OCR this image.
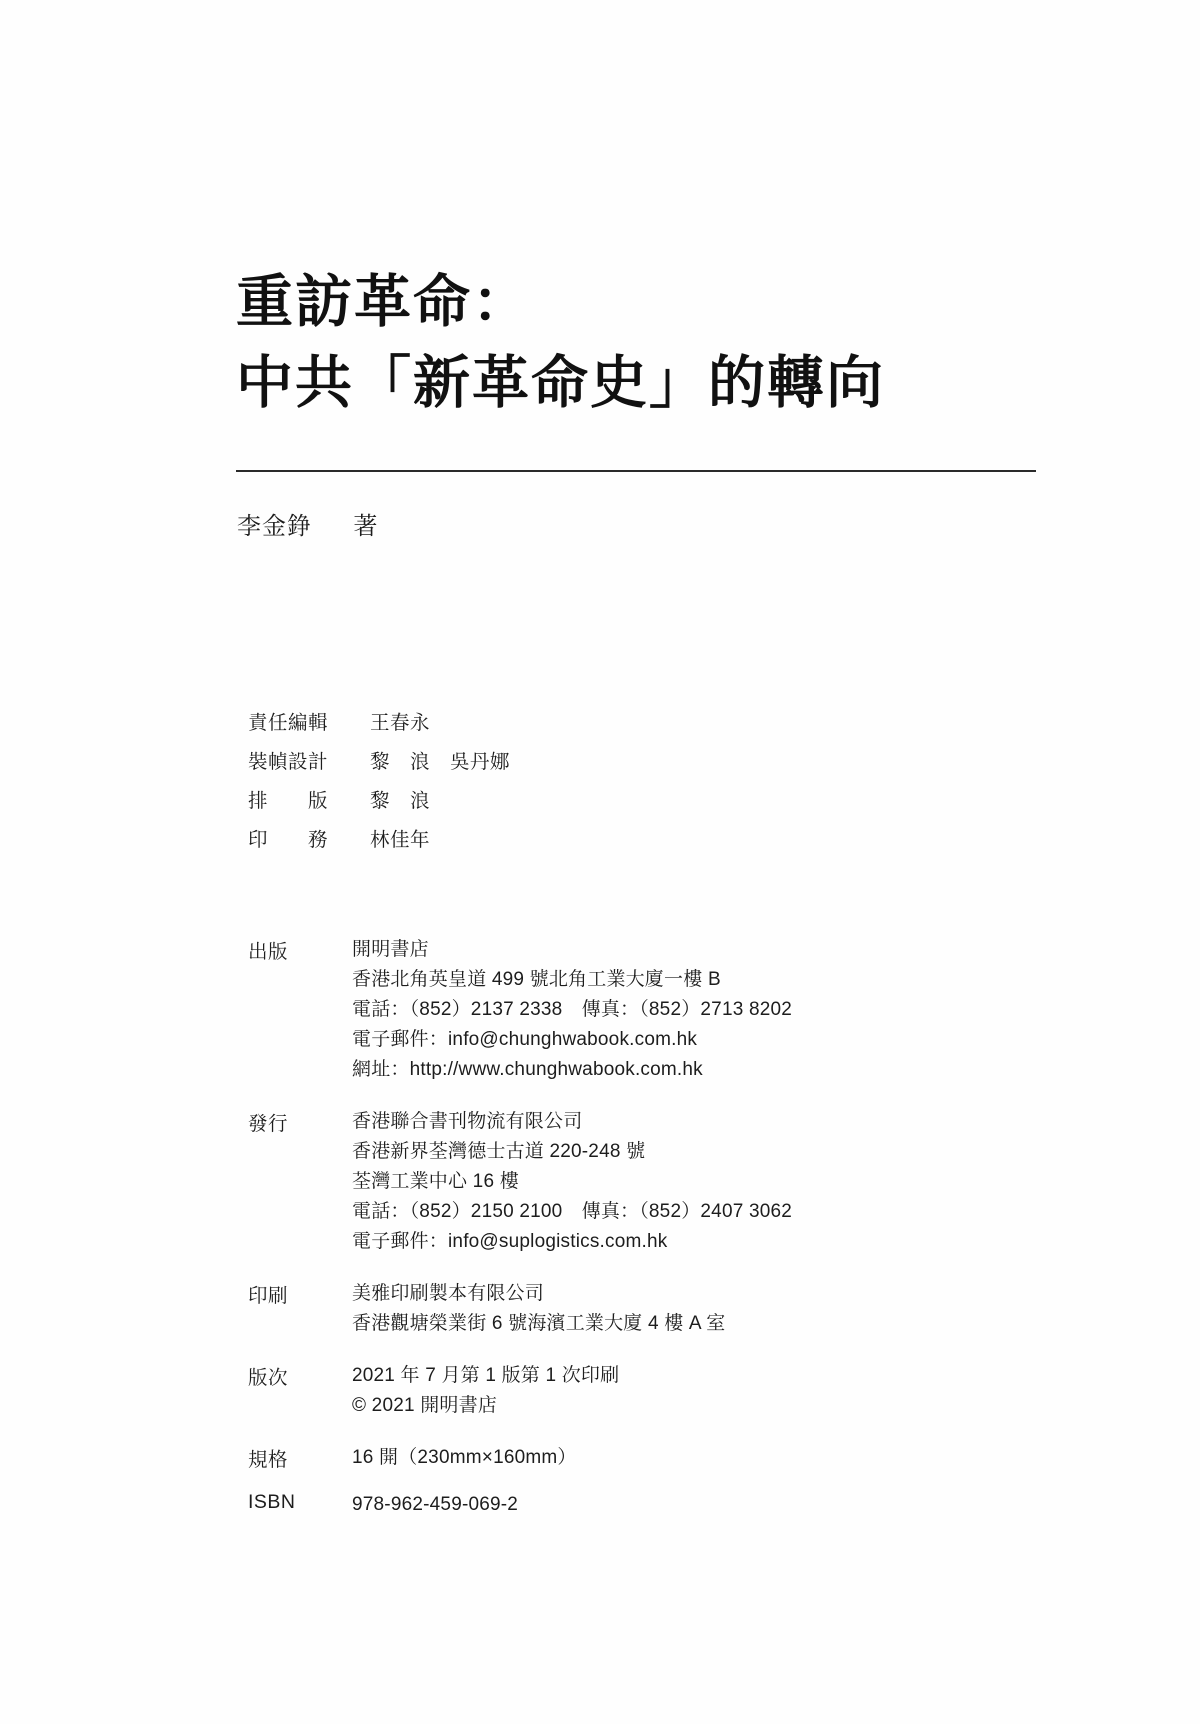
重訪革命：
中共「新革命史」的轉向
李金錚 著
責任編輯	王春永
裝幀設計	黎　浪　吳丹娜
排　　版	黎　浪
印　　務	林佳年
出版	開明書店
香港北角英皇道 499 號北角工業大廈一樓 B
電話：（852）2137 2338　傳真：（852）2713 8202
電子郵件：info@chunghwabook.com.hk
網址：http://www.chunghwabook.com.hk
發行	香港聯合書刊物流有限公司
香港新界荃灣德士古道 220-248 號
荃灣工業中心 16 樓
電話：（852）2150 2100　傳真：（852）2407 3062
電子郵件：info@suplogistics.com.hk
印刷	美雅印刷製本有限公司
香港觀塘榮業街 6 號海濱工業大廈 4 樓 A 室
版次	2021 年 7 月第 1 版第 1 次印刷
© 2021 開明書店
規格	16 開（230mm×160mm）
ISBN	978-962-459-069-2
